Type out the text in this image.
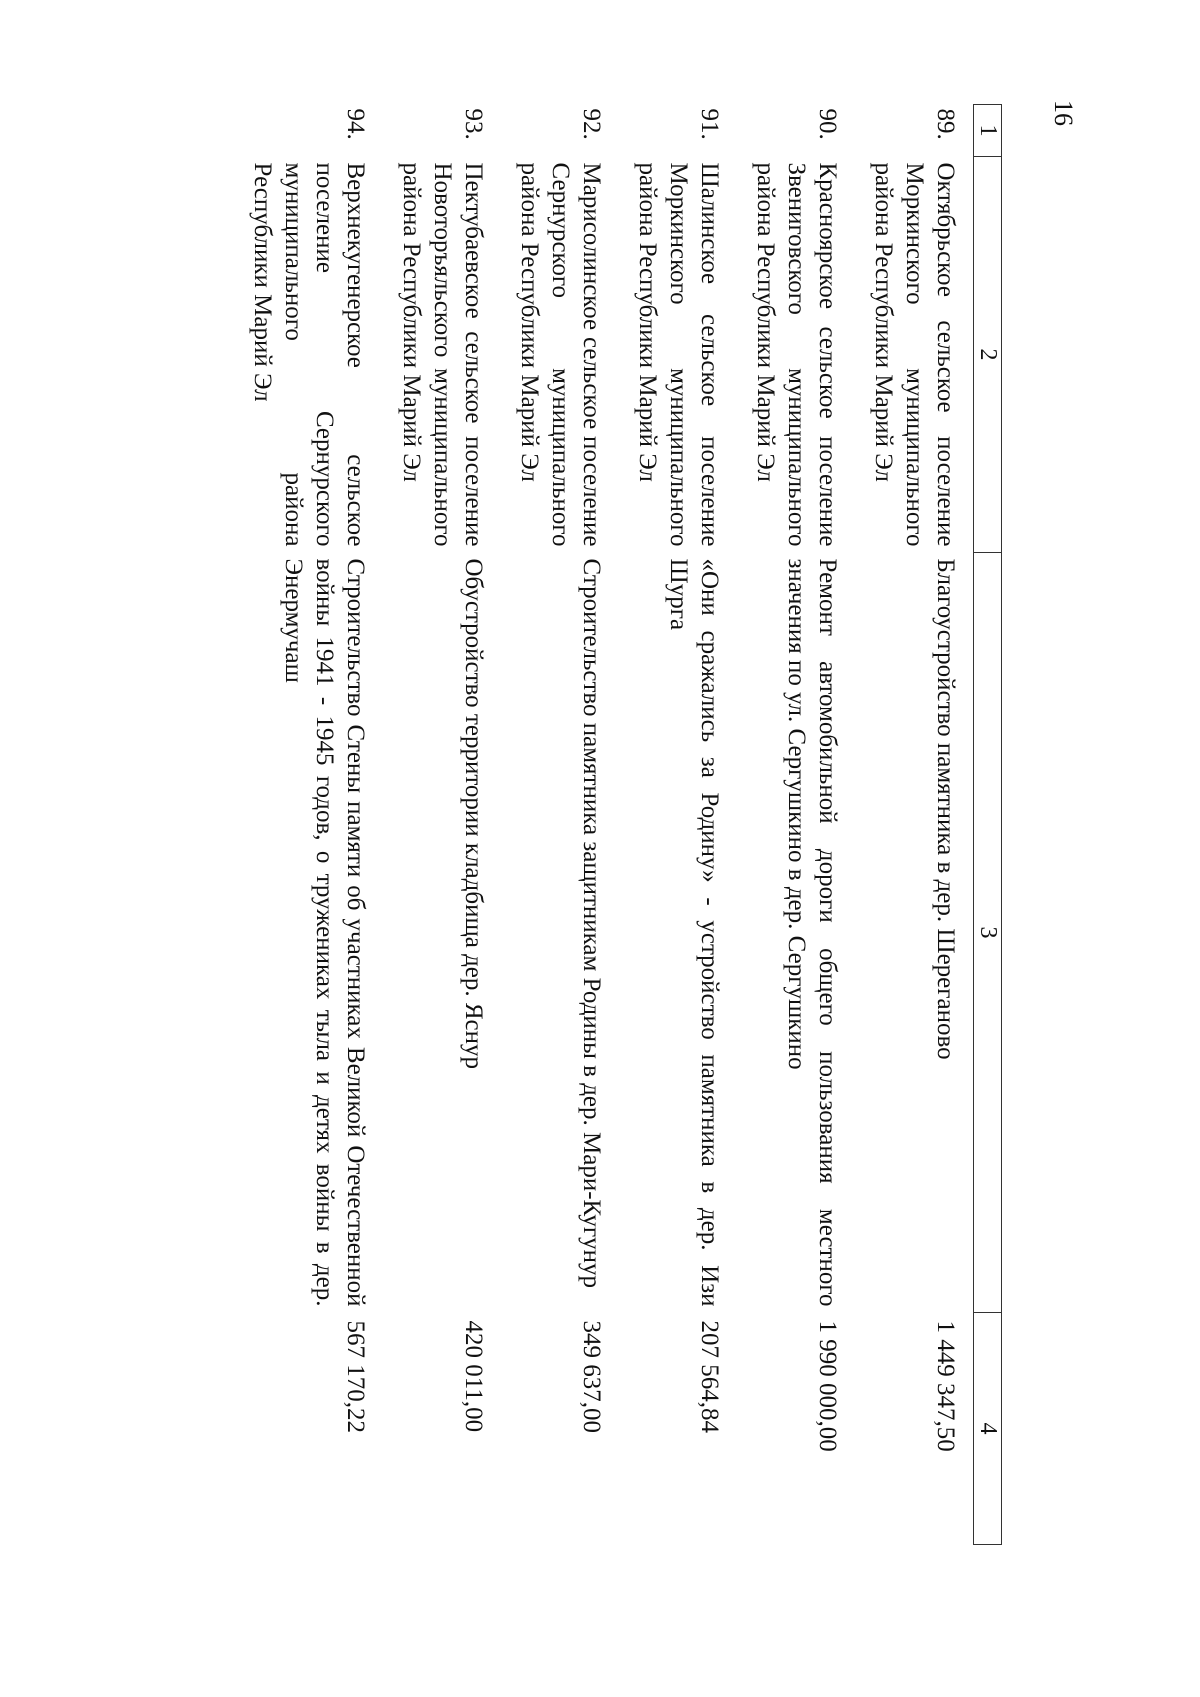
16
1	2	3	4
89.	Октябрьское сельское поселение Моркинского муниципального района Республики Марий Эл	Благоустройство памятника в дер. Шереганово	1 449 347,50
90.	Красноярское сельское поселение Звениговского муниципального района Республики Марий Эл	Ремонт автомобильной дороги общего пользования местного значения по ул. Сергушкино в дер. Сергушкино	1 990 000,00
91.	Шалинское сельское поселение Моркинского муниципального района Республики Марий Эл	«Они сражались за Родину» - устройство памятника в дер. Изи Шурга	207 564,84
92.	Марисолинское сельское поселение Сернурского муниципального района Республики Марий Эл	Строительство памятника защитникам Родины в дер. Мари-Кугунур	349 637,00
93.	Пектубаевское сельское поселение Новоторъяльского муниципального района Республики Марий Эл	Обустройство территории кладбища дер. Яснур	420 011,00
94.	Верхнекугенерское сельское поселение Сернурского муниципального района Республики Марий Эл	Строительство Стены памяти об участниках Великой Отечественной войны 1941 - 1945 годов, о тружениках тыла и детях войны в дер. Энермучаш	567 170,22
